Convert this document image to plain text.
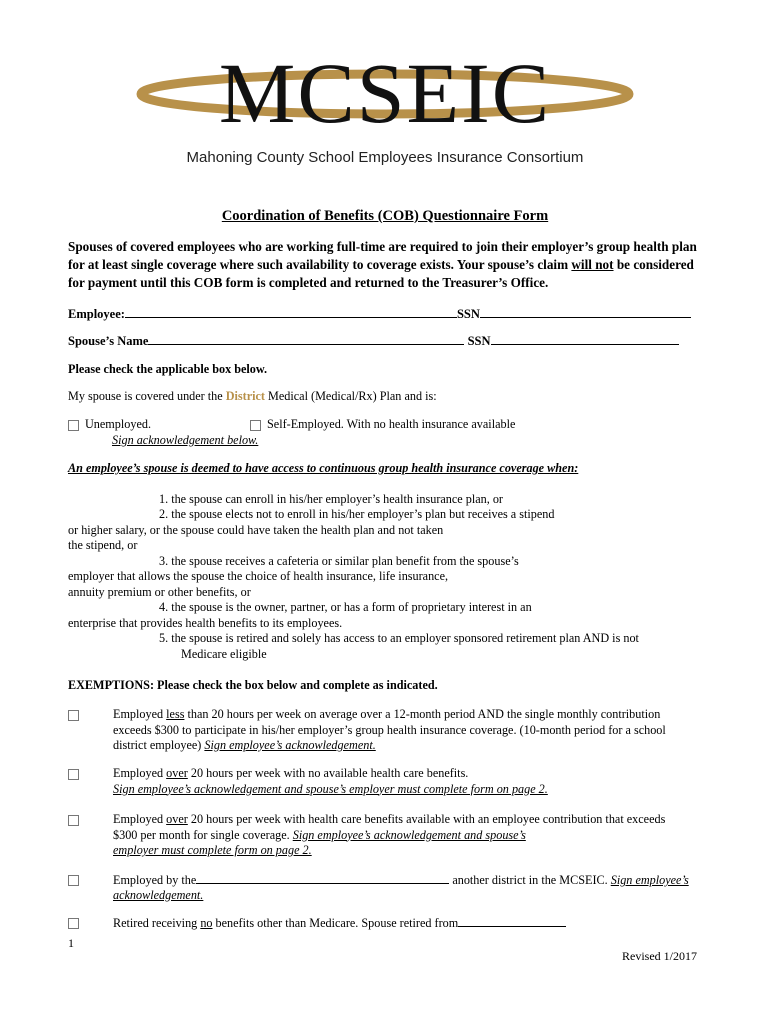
MCSEIC
Mahoning County School Employees Insurance Consortium
Coordination of Benefits (COB) Questionnaire Form
Spouses of covered employees who are working full-time are required to join their employer’s group health plan for at least single coverage where such availability to coverage exists. Your spouse’s claim will not be considered for payment until this COB form is completed and returned to the Treasurer’s Office.
Employee:	SSN
Spouse’s Name	SSN
Please check the applicable box below.
My spouse is covered under the District Medical (Medical/Rx) Plan and is:
Unemployed.	Self-Employed. With no health insurance available
Sign acknowledgement below.
An employee’s spouse is deemed to have access to continuous group health insurance coverage when:
1. the spouse can enroll in his/her employer’s health insurance plan, or
2. the spouse elects not to enroll in his/her employer’s plan but receives a stipend
or higher salary, or the spouse could have taken the health plan and not taken
the stipend, or
3. the spouse receives a cafeteria or similar plan benefit from the spouse’s
employer that allows the spouse the choice of health insurance, life insurance,
annuity premium or other benefits, or
4. the spouse is the owner, partner, or has a form of proprietary interest in an
enterprise that provides health benefits to its employees.
5. the spouse is retired and solely has access to an employer sponsored retirement plan AND is not
Medicare eligible
EXEMPTIONS: Please check the box below and complete as indicated.
Employed less than 20 hours per week on average over a 12-month period AND the single monthly contribution
exceeds $300 to participate in his/her employer’s group health insurance coverage. (10-month period for a school
district employee) Sign employee’s acknowledgement.
Employed over 20 hours per week with no available health care benefits.
Sign employee’s acknowledgement and spouse’s employer must complete form on page 2.
Employed over 20 hours per week with health care benefits available with an employee contribution that exceeds
$300 per month for single coverage. Sign employee’s acknowledgement and spouse’s
employer must complete form on page 2.
Employed by the	another district in the MCSEIC. Sign employee’s
acknowledgement.
Retired receiving no benefits other than Medicare. Spouse retired from
1
Revised 1/2017
